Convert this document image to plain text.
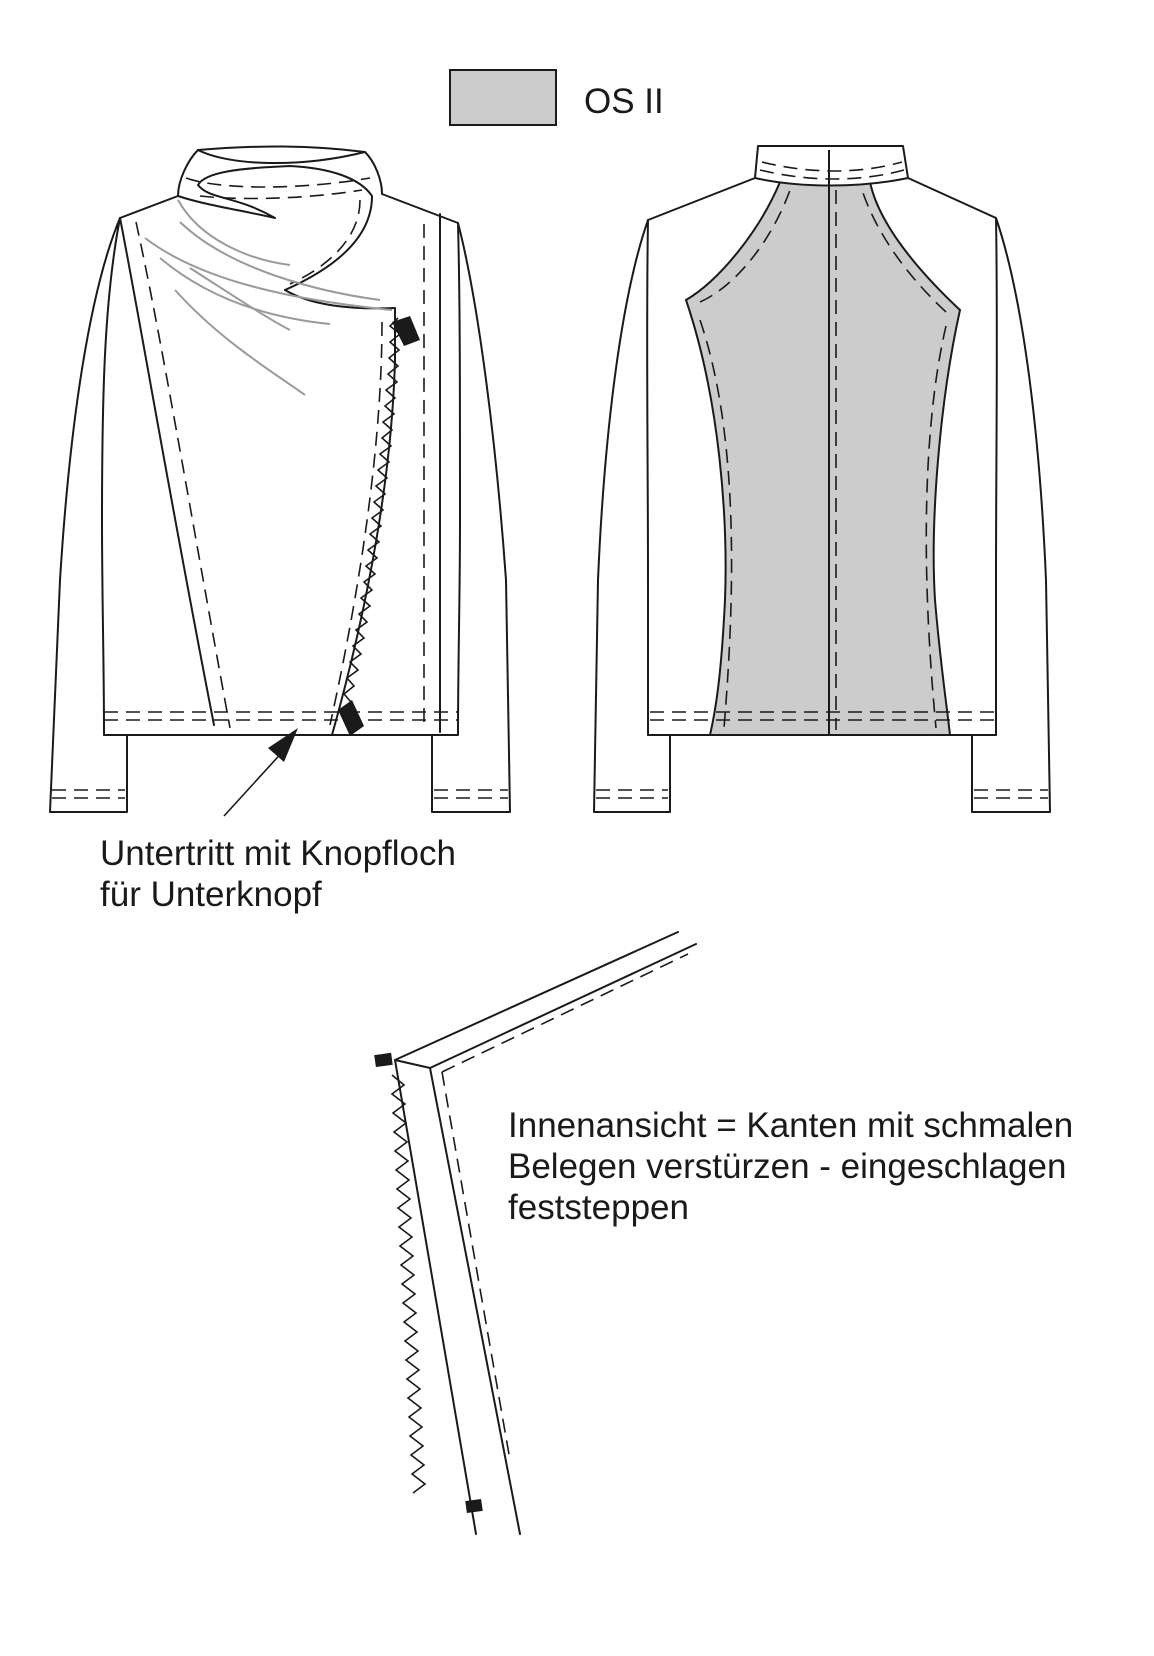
OS II
Untertritt mit Knopfloch
für Unterknopf
Innenansicht = Kanten mit schmalen
Belegen verstürzen - eingeschlagen
feststeppen
